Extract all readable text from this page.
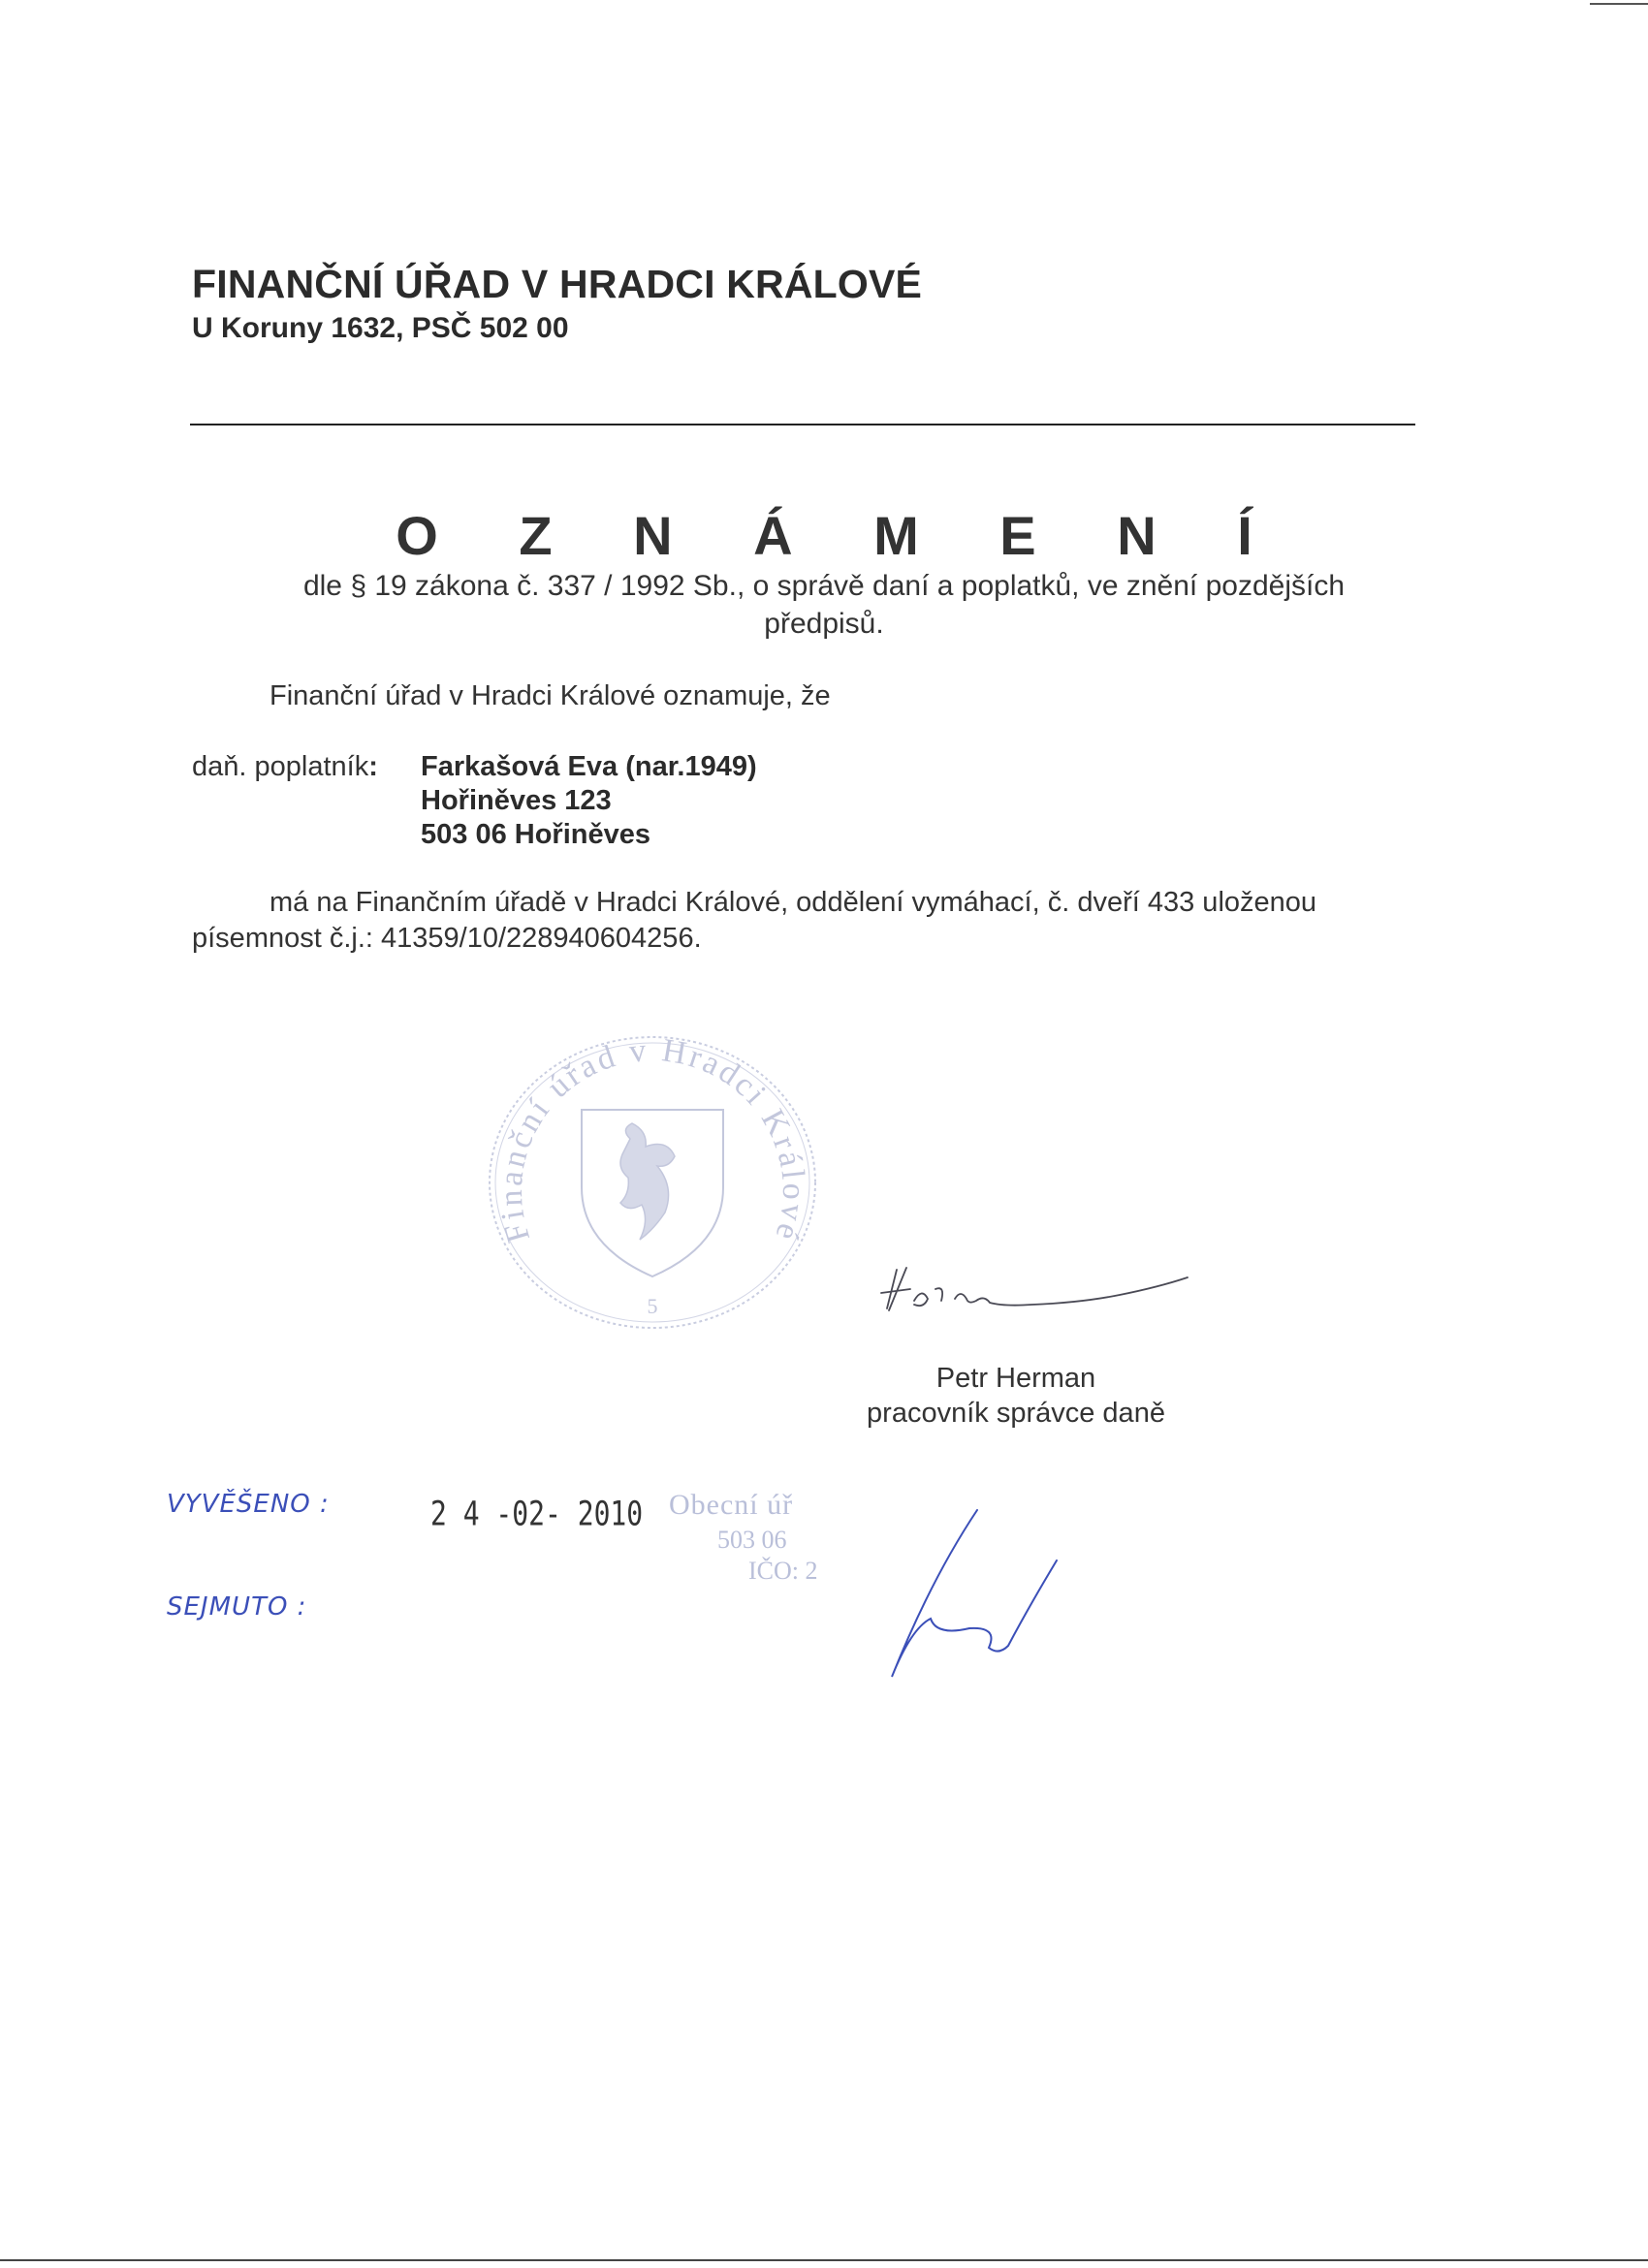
FINANČNÍ ÚŘAD V HRADCI KRÁLOVÉ
U Koruny 1632, PSČ 502 00
O Z N Á M E N Í
dle § 19 zákona č. 337 / 1992 Sb., o správě daní a poplatků, ve znění pozdějších
předpisů.
Finanční úřad v Hradci Králové oznamuje, že
daň. poplatník: Farkašová Eva (nar.1949)
Hořiněves 123
503 06 Hořiněves
má na Finančním úřadě v Hradci Králové, oddělení vymáhací, č. dveří 433 uloženou
písemnost č.j.: 41359/10/228940604256.
Finanční úřad v Hradci Králové
5
Petr Herman
pracovník správce daně
VYVĚŠENO :	2 4 -02- 2010
SEJMUTO :
Obecní úř
503 06
IČO: 2
